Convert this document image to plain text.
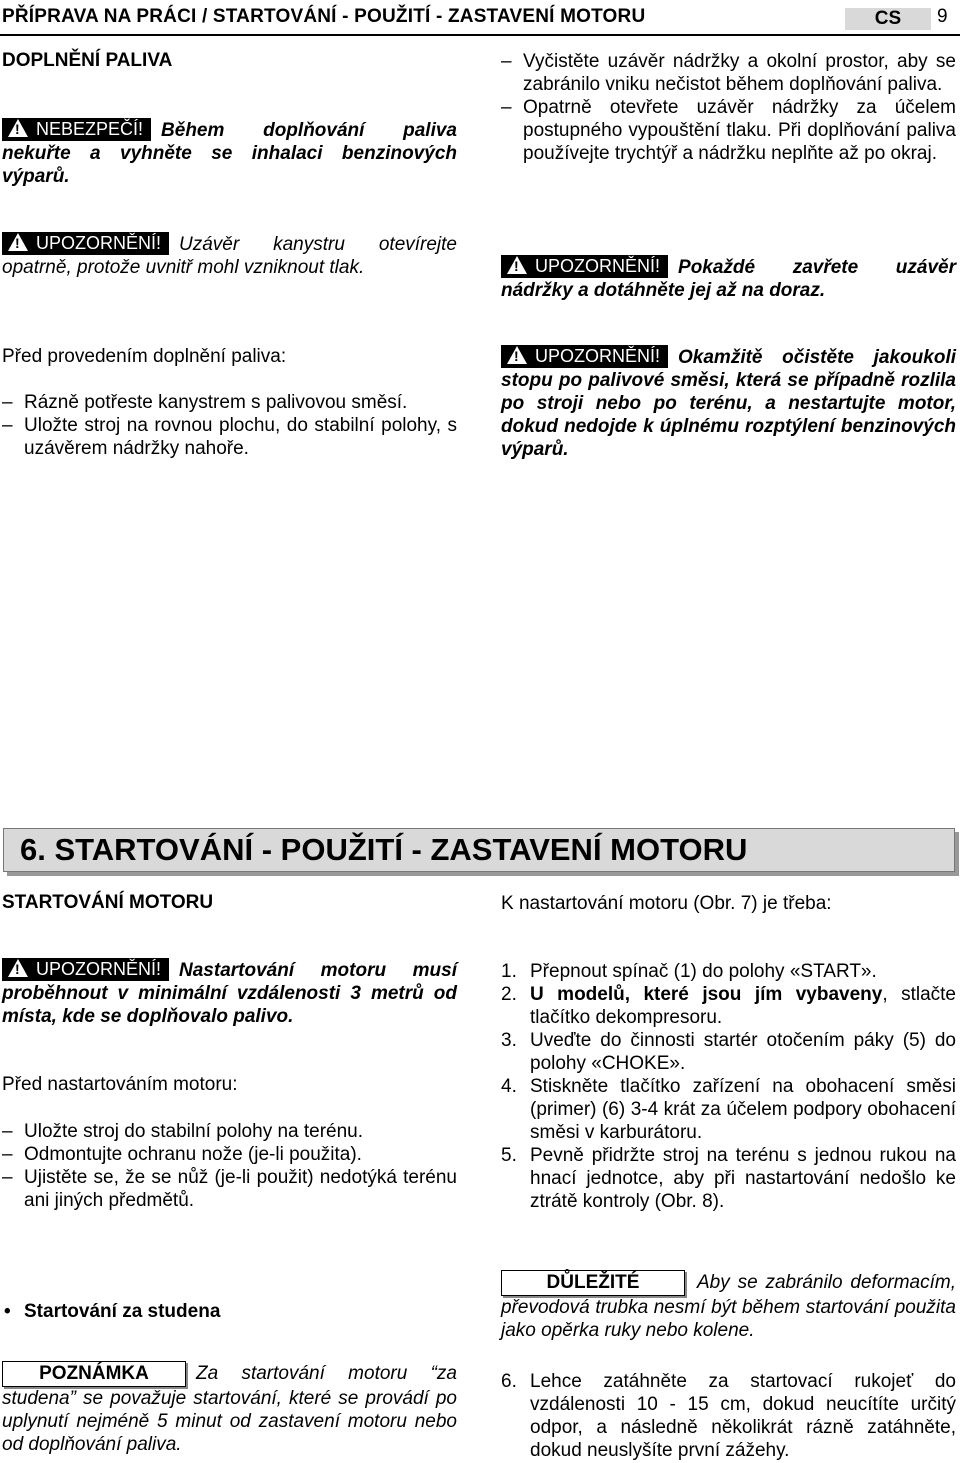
PŘÍPRAVA NA PRÁCI / STARTOVÁNÍ - POUŽITÍ - ZASTAVENÍ MOTORU	CS	9
DOPLNĚNÍ PALIVA
!NEBEZPEČÍ! Během doplňování paliva nekuřte a vyhněte se inhalaci benzinových výparů.
!UPOZORNĚNÍ! Uzávěr kanystru otevírejte opatrně, protože uvnitř mohl vzniknout tlak.
Před provedením doplnění paliva:
– Rázně potřeste kanystrem s palivovou směsí.
– Uložte stroj na rovnou plochu, do stabilní polohy, s uzávěrem nádržky nahoře.
– Vyčistěte uzávěr nádržky a okolní prostor, aby se zabránilo vniku nečistot během doplňování paliva.
– Opatrně otevřete uzávěr nádržky za účelem postupného vypouštění tlaku. Při doplňování paliva používejte trychtýř a nádržku neplňte až po okraj.
!UPOZORNĚNÍ! Pokaždé zavřete uzávěr nádržky a dotáhněte jej až na doraz.
!UPOZORNĚNÍ! Okamžitě očistěte jakoukoli stopu po palivové směsi, která se případně rozlila po stroji nebo po terénu, a nestartujte motor, dokud nedojde k úplnému rozptýlení benzinových výparů.
6. STARTOVÁNÍ - POUŽITÍ - ZASTAVENÍ MOTORU
STARTOVÁNÍ MOTORU
!UPOZORNĚNÍ! Nastartování motoru musí proběhnout v minimální vzdálenosti 3 metrů od místa, kde se doplňovalo palivo.
Před nastartováním motoru:
– Uložte stroj do stabilní polohy na terénu.
– Odmontujte ochranu nože (je-li použita).
– Ujistěte se, že se nůž (je-li použit) nedotýká terénu ani jiných předmětů.
• Startování za studena
POZNÁMKA Za startování motoru “za studena” se považuje startování, které se provádí po uplynutí nejméně 5 minut od zastavení motoru nebo od doplňování paliva.
K nastartování motoru (Obr. 7) je třeba:
1. Přepnout spínač (1) do polohy «START».
2. U modelů, které jsou jím vybaveny, stlačte tlačítko dekompresoru.
3. Uveďte do činnosti startér otočením páky (5) do polohy «CHOKE».
4. Stiskněte tlačítko zařízení na obohacení směsi (primer) (6) 3-4 krát za účelem podpory obohacení směsi v karburátoru.
5. Pevně přidržte stroj na terénu s jednou rukou na hnací jednotce, aby při nastartování nedošlo ke ztrátě kontroly (Obr. 8).
DŮLEŽITÉ	Aby se zabránilo deformacím, převodová trubka nesmí být během startování použita jako opěrka ruky nebo kolene.
6. Lehce zatáhněte za startovací rukojeť do vzdálenosti 10 - 15 cm, dokud neucítíte určitý odpor, a následně několikrát rázně zatáhněte, dokud neuslyšíte první zážehy.
